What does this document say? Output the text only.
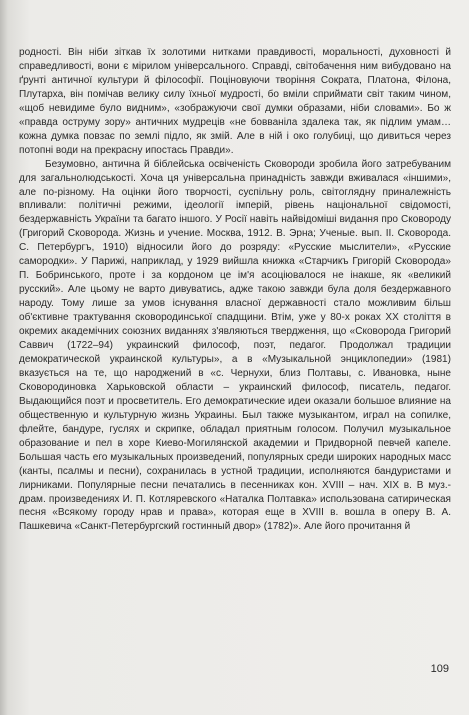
родності. Він ніби зіткав їх золотими нитками правдивості, моральності, духовності й справедливості, вони є мірилом універсального. Справді, світобачення ним вибудовано на ґрунті античної культури й філософії. Поціновуючи творіння Сократа, Платона, Філона, Плутарха, він помічав велику силу їхньої мудрості, бо вміли сприймати світ таким чином, «щоб невидиме було видним», «зображуючи свої думки образами, ніби словами». Бо ж «правда оструму зору» античних мудреців «не бовваніла здалека так, як підлим умам… кожна думка повзає по землі підло, як змій. Але в ній і око голубиці, що дивиться через потопні води на прекрасну ипостась Правди».

Безумовно, антична й біблейська освіченість Сковороди зробила його затребуваним для загальнолюдськості. Хоча ця універсальна принадність завжди вживалася «іншими», але по-різному. На оцінки його творчості, суспільну роль, світоглядну приналежність впливали: політичні режими, ідеології імперій, рівень національної свідомості, бездержавність України та багато іншого. У Росії навіть найвідоміші видання про Сковороду (Григорий Сковорода. Жизнь и учение. Москва, 1912. В. Эрна; Ученые. вып. II. Сковорода. С. Петербургъ, 1910) відносили його до розряду: «Русские мыслители», «Русские самородки». У Парижі, наприклад, у 1929 вийшла книжка «Старчикъ Григорій Сковорода» П. Бобринського, проте і за кордоном це ім'я асоціювалося не інакше, як «великий русский». Але цьому не варто дивуватись, адже такою завжди була доля бездержавного народу. Тому лише за умов існування власної державності стало можливим більш об'єктивне трактування сковородинської спадщини. Втім, уже у 80-х роках XX століття в окремих академічних союзних виданнях з'являються твердження, що «Сковорода Григорий Саввич (1722–94) украинский философ, поэт, педагог. Продолжал традиции демократической украинской культуры», а в «Музыкальной энциклопедии» (1981) вказується на те, що народжений в «с. Чернухи, близ Полтавы, с. Ивановка, ныне Сковородиновка Харьковской области – украинский философ, писатель, педагог. Выдающийся поэт и просветитель. Его демократические идеи оказали большое влияние на общественную и культурную жизнь Украины. Был также музыкантом, играл на сопилке, флейте, бандуре, гуслях и скрипке, обладал приятным голосом. Получил музыкальное образование и пел в хоре Киево-Могилянской академии и Придворной певчей капеле. Большая часть его музыкальных произведений, популярных среди широких народных масс (канты, псалмы и песни), сохранилась в устной традиции, исполняются бандуристами и лирниками. Популярные песни печатались в песенниках кон. XVIII – нач. XIX в. В муз.-драм. произведениях И. П. Котляревского «Наталка Полтавка» использована сатирическая песня «Всякому городу нрав и права», которая еще в XVIII в. вошла в оперу В. А. Пашкевича «Санкт-Петербургский гостинный двор» (1782)». Але його прочитання й

109
